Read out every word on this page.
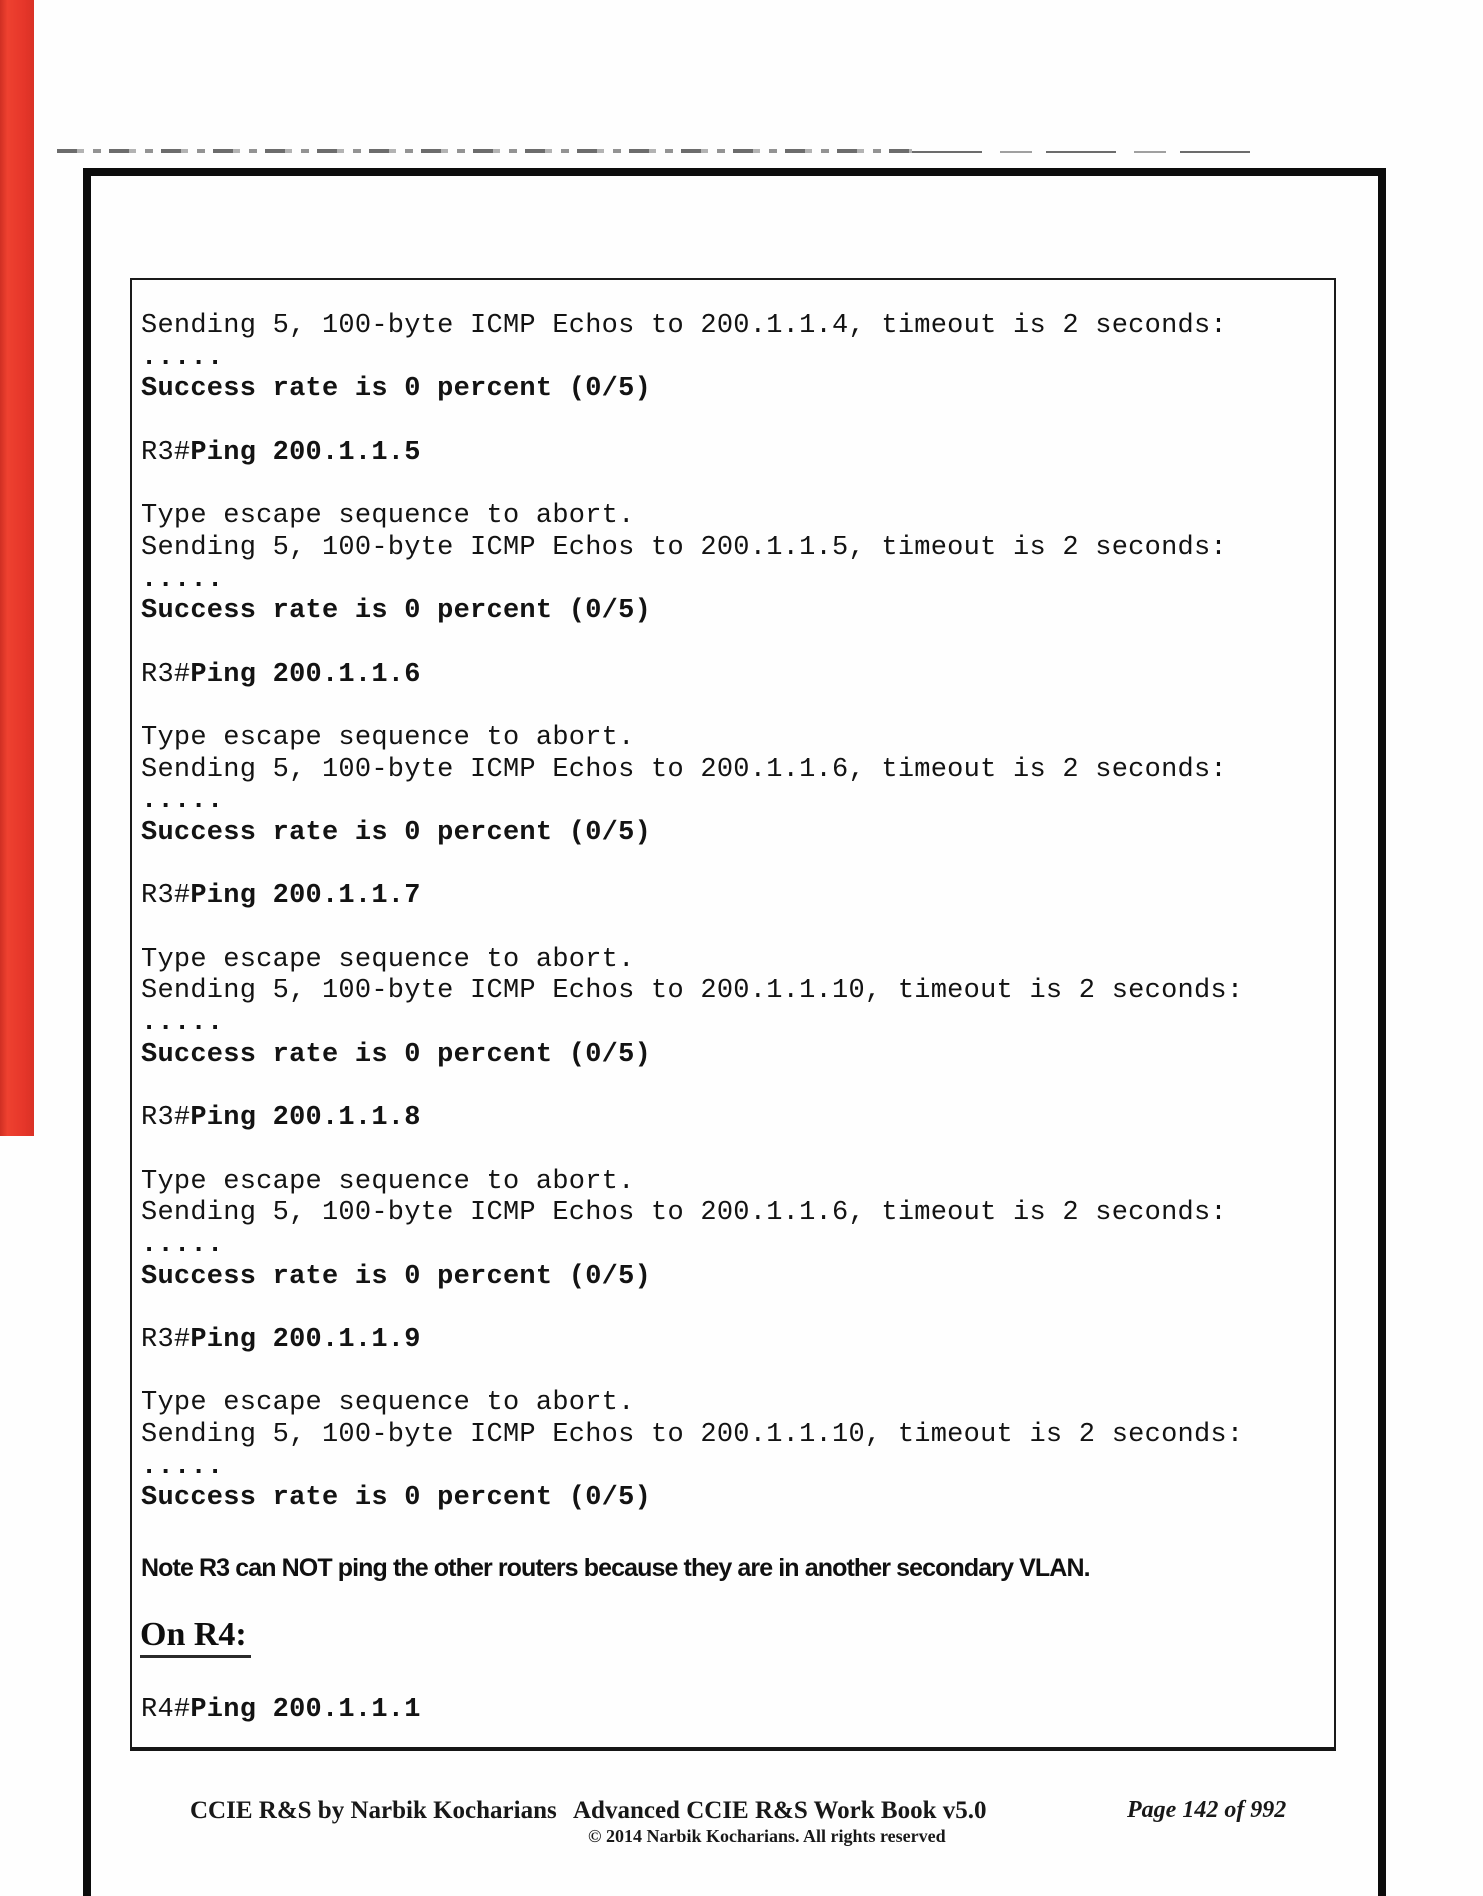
Sending 5, 100-byte ICMP Echos to 200.1.1.4, timeout is 2 seconds:
.....
Success rate is 0 percent (0/5)

R3#Ping 200.1.1.5

Type escape sequence to abort.
Sending 5, 100-byte ICMP Echos to 200.1.1.5, timeout is 2 seconds:
.....
Success rate is 0 percent (0/5)

R3#Ping 200.1.1.6

Type escape sequence to abort.
Sending 5, 100-byte ICMP Echos to 200.1.1.6, timeout is 2 seconds:
.....
Success rate is 0 percent (0/5)

R3#Ping 200.1.1.7

Type escape sequence to abort.
Sending 5, 100-byte ICMP Echos to 200.1.1.10, timeout is 2 seconds:
.....
Success rate is 0 percent (0/5)

R3#Ping 200.1.1.8

Type escape sequence to abort.
Sending 5, 100-byte ICMP Echos to 200.1.1.6, timeout is 2 seconds:
.....
Success rate is 0 percent (0/5)

R3#Ping 200.1.1.9

Type escape sequence to abort.
Sending 5, 100-byte ICMP Echos to 200.1.1.10, timeout is 2 seconds:
.....
Success rate is 0 percent (0/5)
Note R3 can NOT ping the other routers because they are in another secondary VLAN.
On R4:
R4#Ping 200.1.1.1
CCIE R&S by Narbik Kocharians Advanced CCIE R&S Work Book v5.0	Page 142 of 992
© 2014 Narbik Kocharians. All rights reserved
